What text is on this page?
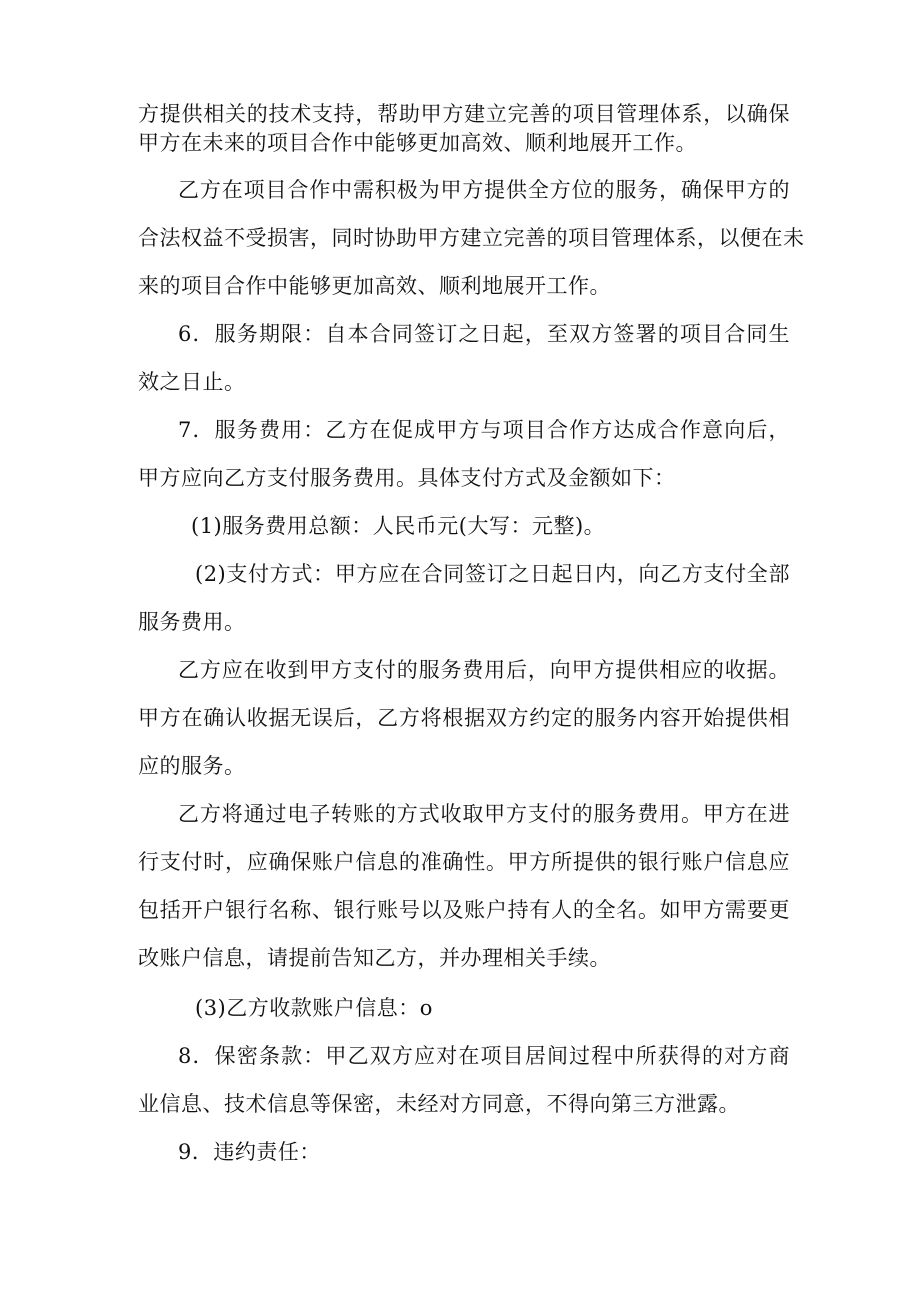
方提供相关的技术支持，帮助甲方建立完善的项目管理体系，以确保
甲方在未来的项目合作中能够更加高效、顺利地展开工作。
乙方在项目合作中需积极为甲方提供全方位的服务，确保甲方的
合法权益不受损害，同时协助甲方建立完善的项目管理体系，以便在未
来的项目合作中能够更加高效、顺利地展开工作。
6．服务期限：自本合同签订之日起，至双方签署的项目合同生
效之日止。
7．服务费用：乙方在促成甲方与项目合作方达成合作意向后，
甲方应向乙方支付服务费用。具体支付方式及金额如下：
(1)服务费用总额：人民币元(大写：元整)。
(2)支付方式：甲方应在合同签订之日起日内，向乙方支付全部
服务费用。
乙方应在收到甲方支付的服务费用后，向甲方提供相应的收据。
甲方在确认收据无误后，乙方将根据双方约定的服务内容开始提供相
应的服务。
乙方将通过电子转账的方式收取甲方支付的服务费用。甲方在进
行支付时，应确保账户信息的准确性。甲方所提供的银行账户信息应
包括开户银行名称、银行账号以及账户持有人的全名。如甲方需要更
改账户信息，请提前告知乙方，并办理相关手续。
(3)乙方收款账户信息：o
8．保密条款：甲乙双方应对在项目居间过程中所获得的对方商
业信息、技术信息等保密，未经对方同意，不得向第三方泄露。
9．违约责任：
